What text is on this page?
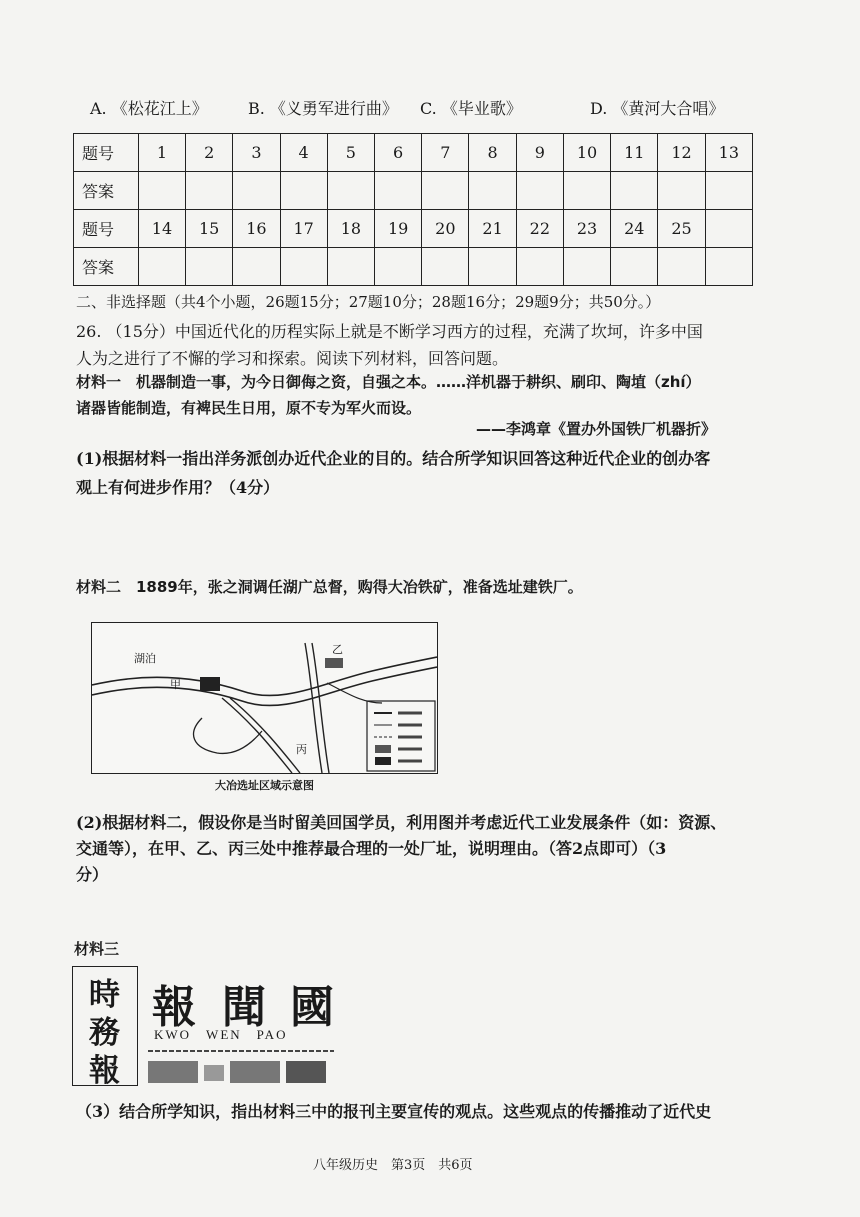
A. 《松花江上》	B. 《义勇军进行曲》 C. 《毕业歌》	D. 《黄河大合唱》
题号	1	2	3	4	5	6	7	8	9	10	11	12	13
答案													
题号	14	15	16	17	18	19	20	21	22	23	24	25	
答案													
二、非选择题（共4个小题，26题15分；27题10分；28题16分；29题9分；共50分。）
26. （15分）中国近代化的历程实际上就是不断学习西方的过程，充满了坎坷，许多中国
人为之进行了不懈的学习和探索。阅读下列材料，回答问题。
材料一　机器制造一事，为今日御侮之资，自强之本。……洋机器于耕织、刷印、陶埴（zhí）
诸器皆能制造，有裨民生日用，原不专为军火而设。
——李鸿章《置办外国铁厂机器折》
(1)根据材料一指出洋务派创办近代企业的目的。结合所学知识回答这种近代企业的创办客
观上有何进步作用？（4分）
材料二　1889年，张之洞调任湖广总督，购得大冶铁矿，准备选址建铁厂。
湖泊
甲
乙
丙
大冶选址区域示意图
(2)根据材料二，假设你是当时留美回国学员，利用图并考虑近代工业发展条件（如：资源、
交通等），在甲、乙、丙三处中推荐最合理的一处厂址，说明理由。（答2点即可）（3
分）
材料三
時
務
報
報 聞 國
KWO　WEN　PAO
（3）结合所学知识，指出材料三中的报刊主要宣传的观点。这些观点的传播推动了近代史
八年级历史　第3页　共6页
